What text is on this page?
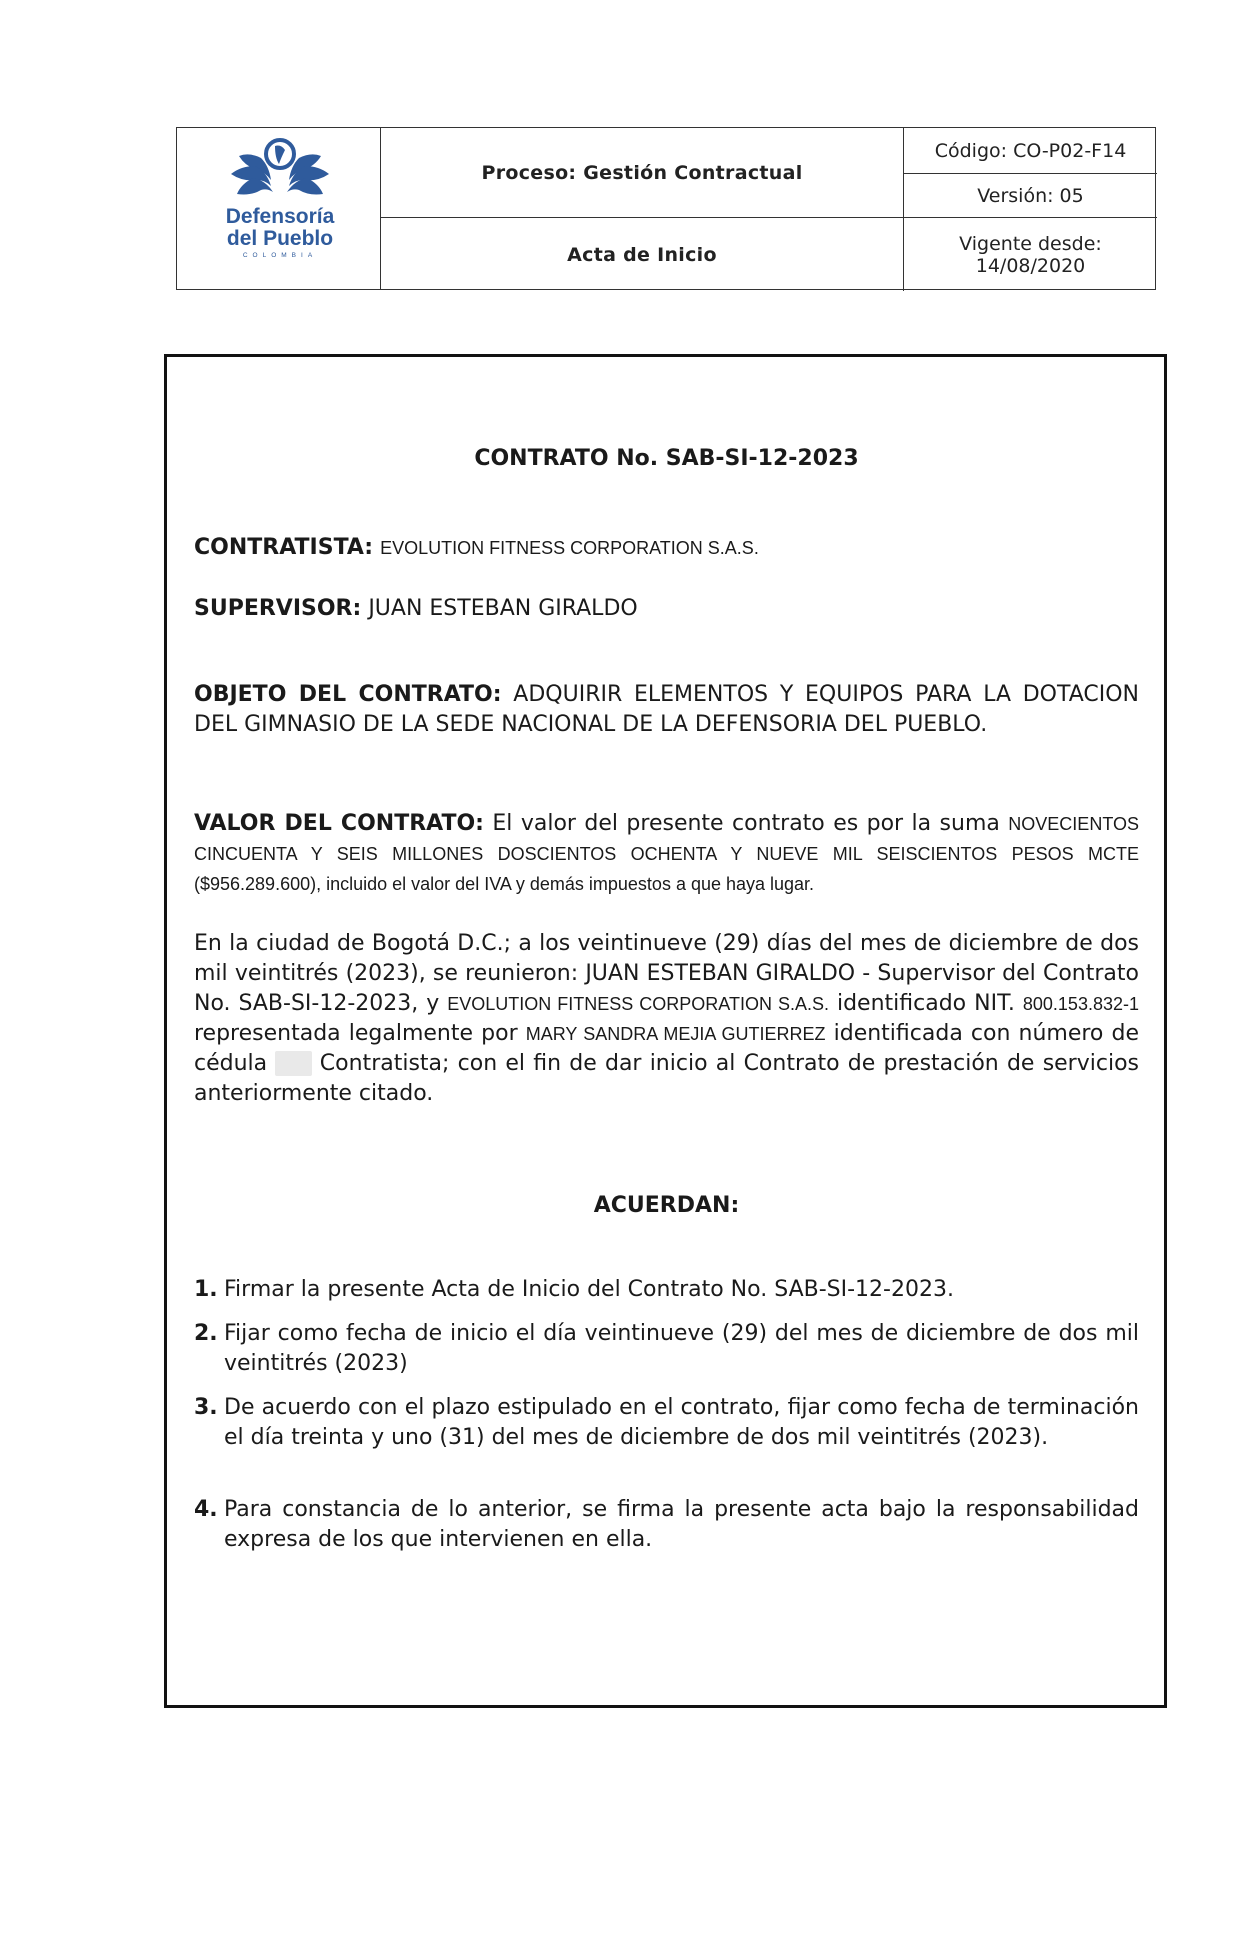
Defensoría
del Pueblo
COLOMBIA
Proceso: Gestión Contractual
Acta de Inicio
Código: CO-P02-F14
Versión: 05
Vigente desde:
14/08/2020
CONTRATO No. SAB-SI-12-2023
CONTRATISTA: EVOLUTION FITNESS CORPORATION S.A.S.
SUPERVISOR: JUAN ESTEBAN GIRALDO
OBJETO DEL CONTRATO: ADQUIRIR ELEMENTOS Y EQUIPOS PARA LA DOTACION DEL GIMNASIO DE LA SEDE NACIONAL DE LA DEFENSORIA DEL PUEBLO.
VALOR DEL CONTRATO: El valor del presente contrato es por la suma NOVECIENTOS CINCUENTA Y SEIS MILLONES DOSCIENTOS OCHENTA Y NUEVE MIL SEISCIENTOS PESOS MCTE ($956.289.600), incluido el valor del IVA y demás impuestos a que haya lugar.
En la ciudad de Bogotá D.C.; a los veintinueve (29) días del mes de diciembre de dos mil veintitrés (2023), se reunieron: JUAN ESTEBAN GIRALDO - Supervisor del Contrato No. SAB-SI-12-2023, y EVOLUTION FITNESS CORPORATION S.A.S. identificado NIT. 800.153.832-1 representada legalmente por MARY SANDRA MEJIA GUTIERREZ identificada con número de cédula S 9 Contratista; con el fin de dar inicio al Contrato de prestación de servicios anteriormente citado.
ACUERDAN:
1. Firmar la presente Acta de Inicio del Contrato No. SAB-SI-12-2023.
2. Fijar como fecha de inicio el día veintinueve (29) del mes de diciembre de dos mil veintitrés (2023)
3. De acuerdo con el plazo estipulado en el contrato, fijar como fecha de terminación el día treinta y uno (31) del mes de diciembre de dos mil veintitrés (2023).
4. Para constancia de lo anterior, se firma la presente acta bajo la responsabilidad expresa de los que intervienen en ella.
